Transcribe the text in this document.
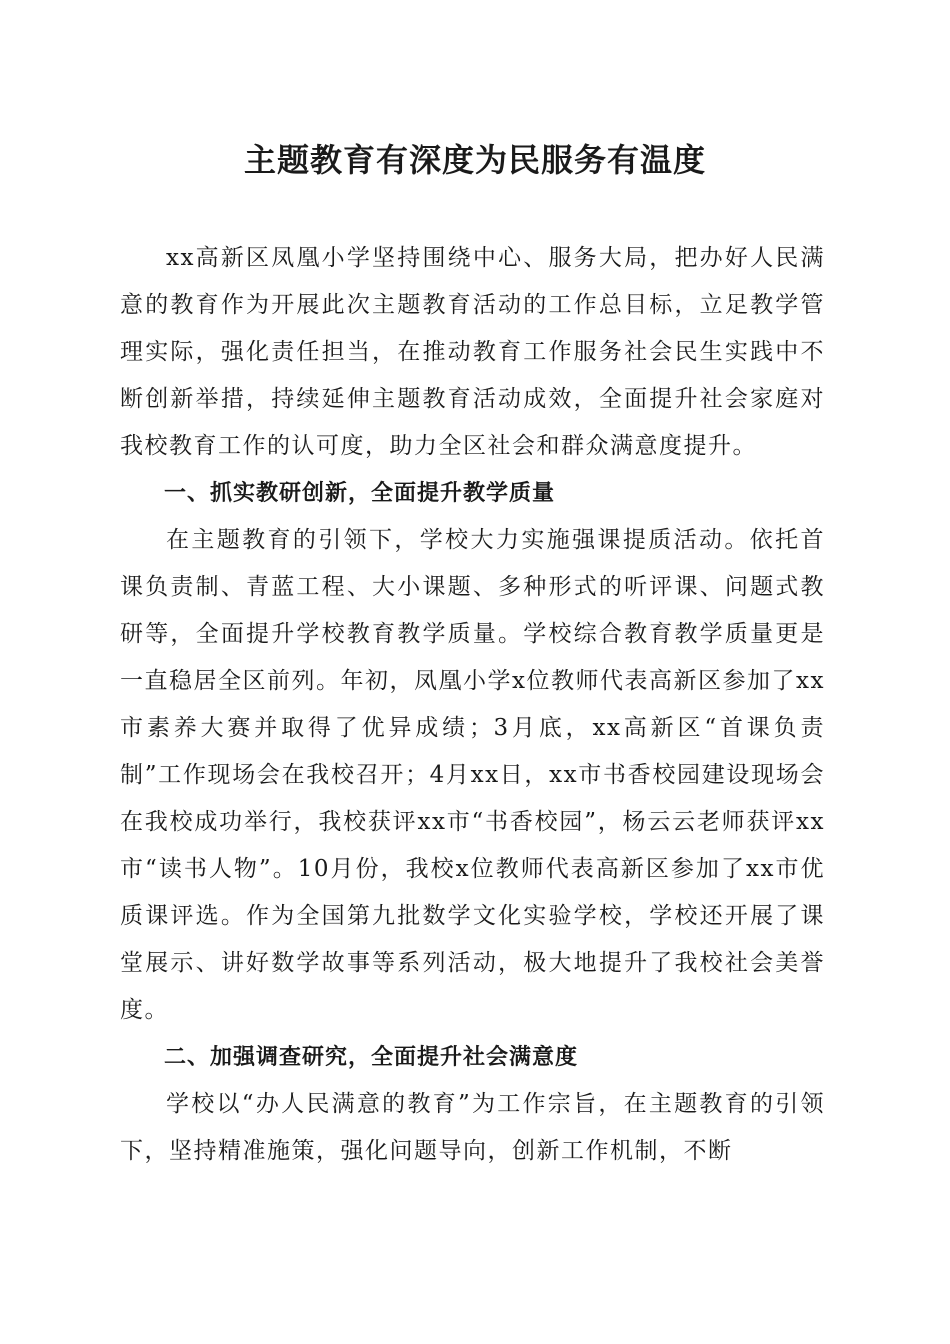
主题教育有深度为民服务有温度

xx高新区凤凰小学坚持围绕中心、服务大局，把办好人民满意的教育作为开展此次主题教育活动的工作总目标，立足教学管理实际，强化责任担当，在推动教育工作服务社会民生实践中不断创新举措，持续延伸主题教育活动成效，全面提升社会家庭对我校教育工作的认可度，助力全区社会和群众满意度提升。

一、抓实教研创新，全面提升教学质量

在主题教育的引领下，学校大力实施强课提质活动。依托首课负责制、青蓝工程、大小课题、多种形式的听评课、问题式教研等，全面提升学校教育教学质量。学校综合教育教学质量更是一直稳居全区前列。年初，凤凰小学x位教师代表高新区参加了xx市素养大赛并取得了优异成绩；3月底，xx高新区“首课负责制”工作现场会在我校召开；4月xx日，xx市书香校园建设现场会在我校成功举行，我校获评xx市“书香校园”，杨云云老师获评xx市“读书人物”。10月份，我校x位教师代表高新区参加了xx市优质课评选。作为全国第九批数学文化实验学校，学校还开展了课堂展示、讲好数学故事等系列活动，极大地提升了我校社会美誉度。

二、加强调查研究，全面提升社会满意度

学校以“办人民满意的教育”为工作宗旨，在主题教育的引领下，坚持精准施策，强化问题导向，创新工作机制，不断
